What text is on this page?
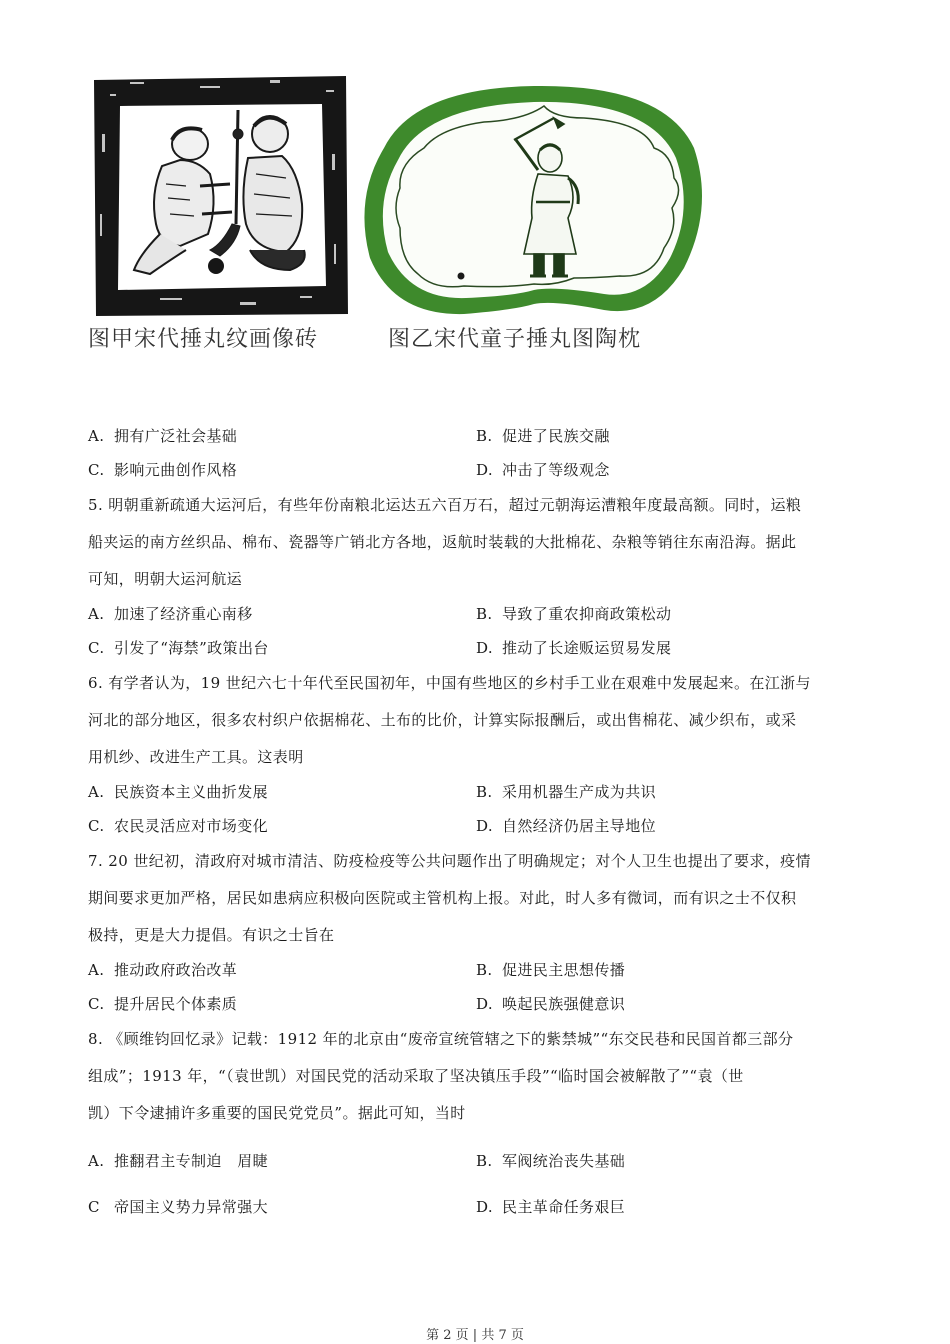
图甲宋代捶丸纹画像砖	图乙宋代童子捶丸图陶枕
A. 拥有广泛社会基础	B. 促进了民族交融
C. 影响元曲创作风格	D. 冲击了等级观念
5. 明朝重新疏通大运河后，有些年份南粮北运达五六百万石，超过元朝海运漕粮年度最高额。同时，运粮
船夹运的南方丝织品、棉布、瓷器等广销北方各地，返航时装载的大批棉花、杂粮等销往东南沿海。据此
可知，明朝大运河航运
A. 加速了经济重心南移	B. 导致了重农抑商政策松动
C. 引发了“海禁”政策出台	D. 推动了长途贩运贸易发展
6. 有学者认为，19 世纪六七十年代至民国初年，中国有些地区的乡村手工业在艰难中发展起来。在江浙与
河北的部分地区，很多农村织户依据棉花、土布的比价，计算实际报酬后，或出售棉花、减少织布，或采
用机纱、改进生产工具。这表明
A. 民族资本主义曲折发展	B. 采用机器生产成为共识
C. 农民灵活应对市场变化	D. 自然经济仍居主导地位
7. 20 世纪初，清政府对城市清洁、防疫检疫等公共问题作出了明确规定；对个人卫生也提出了要求，疫情
期间要求更加严格，居民如患病应积极向医院或主管机构上报。对此，时人多有微词，而有识之士不仅积
极持，更是大力提倡。有识之士旨在
A. 推动政府政治改革	B. 促进民主思想传播
C. 提升居民个体素质	D. 唤起民族强健意识
8. 《顾维钧回忆录》记载：1912 年的北京由“废帝宣统管辖之下的紫禁城”“东交民巷和民国首都三部分
组成”；1913 年，“（袁世凯）对国民党的活动采取了坚决镇压手段”“临时国会被解散了”“袁（世
凯）下令逮捕许多重要的国民党党员”。据此可知，当时
A. 推翻君主专制迫　眉睫	B. 军阀统治丧失基础
C 帝国主义势力异常强大	D. 民主革命任务艰巨
第 2 页 | 共 7 页
